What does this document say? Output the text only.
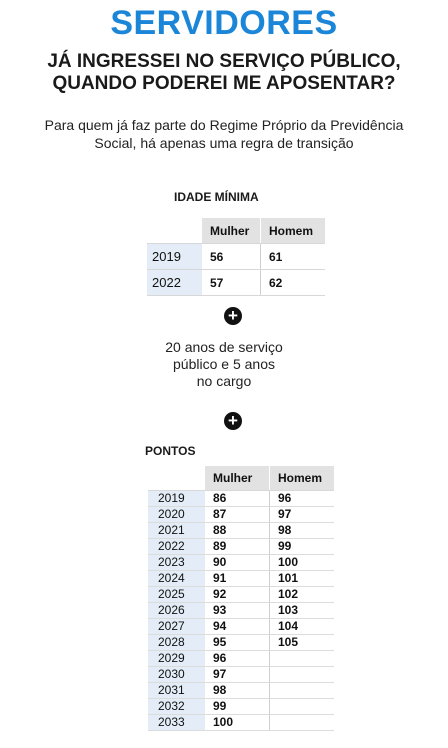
SERVIDORES
JÁ INGRESSEI NO SERVIÇO PÚBLICO,
QUANDO PODEREI ME APOSENTAR?
Para quem já faz parte do Regime Próprio da Previdência
Social, há apenas uma regra de transição
IDADE MÍNIMA
	Mulher	Homem
2019	56	61
2022	57	62
+
20 anos de serviço
público e 5 anos
no cargo
+
PONTOS
	Mulher	Homem
2019	86	96
2020	87	97
2021	88	98
2022	89	99
2023	90	100
2024	91	101
2025	92	102
2026	93	103
2027	94	104
2028	95	105
2029	96	
2030	97	
2031	98	
2032	99	
2033	100	
